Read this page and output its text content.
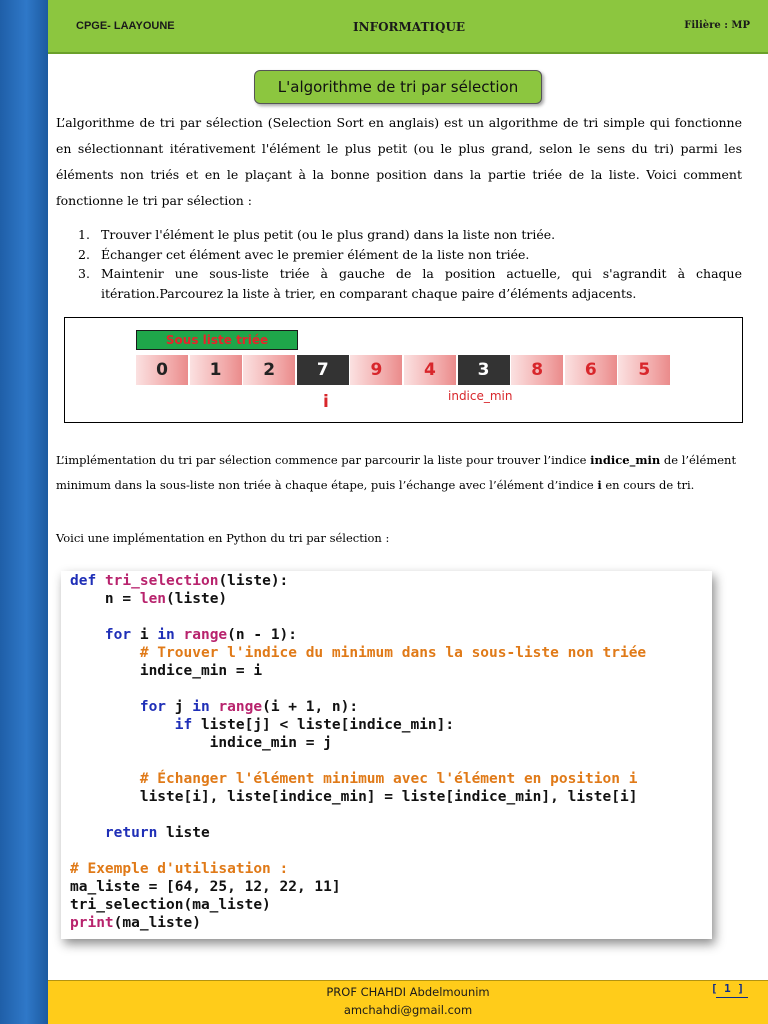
CPGE- LAAYOUNE	INFORMATIQUE	Filière : MP
L'algorithme de tri par sélection

L’algorithme de tri par sélection (Selection Sort en anglais) est un algorithme de tri simple qui fonctionne en sélectionnant itérativement l'élément le plus petit (ou le plus grand, selon le sens du tri) parmi les éléments non triés et en le plaçant à la bonne position dans la partie triée de la liste. Voici comment fonctionne le tri par sélection :

1. Trouver l'élément le plus petit (ou le plus grand) dans la liste non triée.
2. Échanger cet élément avec le premier élément de la liste non triée.
3. Maintenir une sous-liste triée à gauche de la position actuelle, qui s'agrandit à chaque itération.Parcourez la liste à trier, en comparant chaque paire d’éléments adjacents.
Sous liste triée
0	1	2	7	9	4	3	8	6	5
i	indice_min

L’implémentation du tri par sélection commence par parcourir la liste pour trouver l’indice indice_min de l’élément minimum dans la sous-liste non triée à chaque étape, puis l’échange avec l’élément d’indice i en cours de tri.

Voici une implémentation en Python du tri par sélection :

def tri_selection(liste):
n = len(liste)
for i in range(n - 1):
# Trouver l'indice du minimum dans la sous-liste non triée
indice_min = i
for j in range(i + 1, n):
if liste[j] < liste[indice_min]:
indice_min = j
# Échanger l'élément minimum avec l'élément en position i
liste[i], liste[indice_min] = liste[indice_min], liste[i]
return liste
# Exemple d'utilisation :
ma_liste = [64, 25, 12, 22, 11]
tri_selection(ma_liste)
print(ma_liste)
PROF CHAHDI Abdelmounim
amchahdi@gmail.com
[ 1 ]
